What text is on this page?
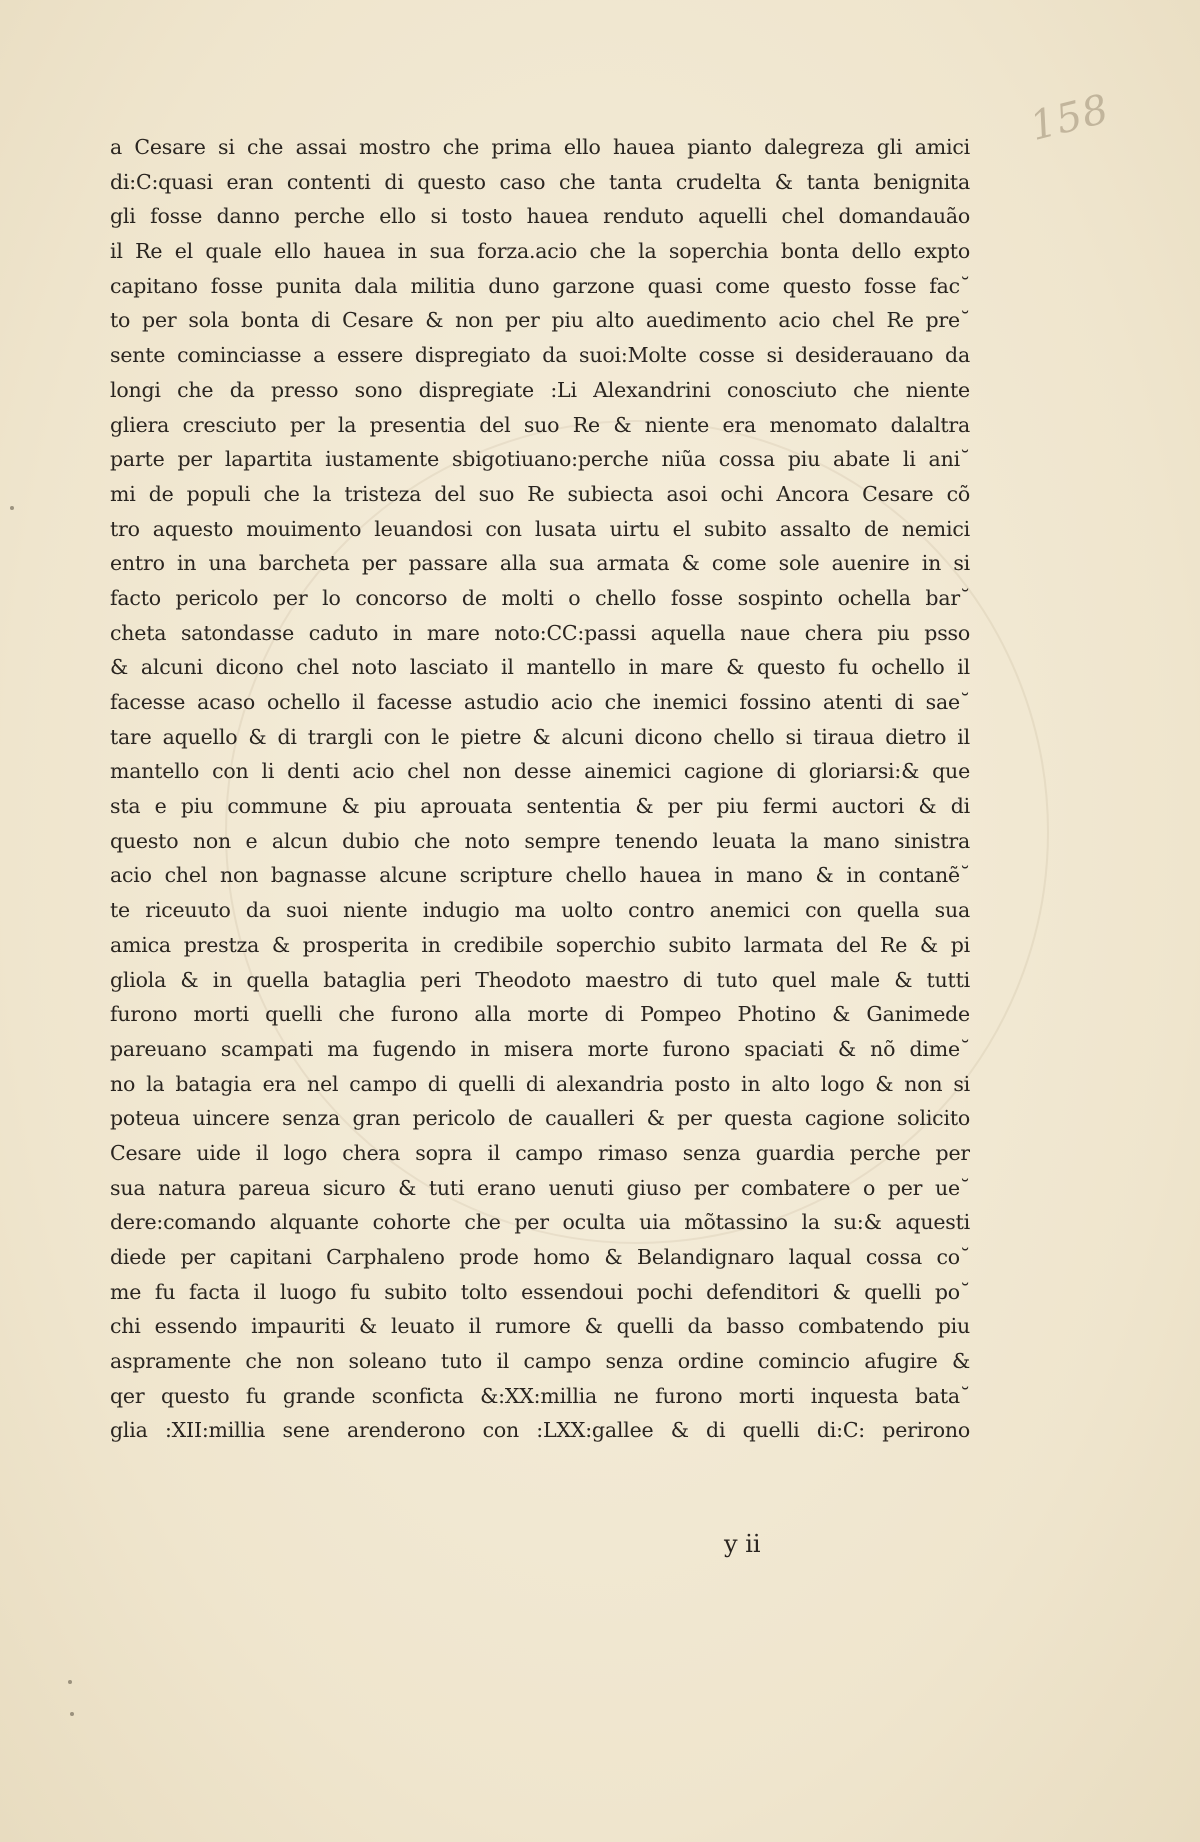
158
a Cesare si che assai mostro che prima ello hauea pianto dalegreza gli amici
di:C:quasi eran contenti di questo caso che tanta crudelta & tanta benignita
gli fosse danno perche ello si tosto hauea renduto aquelli chel domandauão
il Re el quale ello hauea in sua forza.acio che la soperchia bonta dello expto
capitano fosse punita dala militia duno garzone quasi come questo fosse fac˘
to per sola bonta di Cesare & non per piu alto auedimento acio chel Re pre˘
sente cominciasse a essere dispregiato da suoi:Molte cosse si desiderauano da
longi che da presso sono dispregiate :Li Alexandrini conosciuto che niente
gliera cresciuto per la presentia del suo Re & niente era menomato dalaltra
parte per lapartita iustamente sbigotiuano:perche niũa cossa piu abate li ani˘
mi de populi che la tristeza del suo Re subiecta asoi ochi Ancora Cesare cõ
tro aquesto mouimento leuandosi con lusata uirtu el subito assalto de nemici
entro in una barcheta per passare alla sua armata & come sole auenire in si
facto pericolo per lo concorso de molti o chello fosse sospinto ochella bar˘
cheta satondasse caduto in mare noto:CC:passi aquella naue chera piu pssο
& alcuni dicono chel noto lasciato il mantello in mare & questo fu ochello il
facesse acaso ochello il facesse astudio acio che inemici fossino atenti di sae˘
tare aquello & di trargli con le pietre & alcuni dicono chello si tiraua dietro il
mantello con li denti acio chel non desse ainemici cagione di gloriarsi:& que
sta e piu commune & piu aprouata sententia & per piu fermi auctori & di
questo non e alcun dubio che noto sempre tenendo leuata la mano sinistra
acio chel non bagnasse alcune scripture chello hauea in mano & in contanẽ˘
te riceuuto da suoi niente indugio ma uolto contro anemici con quella sua
amica prestza & prosperita in credibile soperchio subito larmata del Re & pi
gliola & in quella bataglia peri Theodoto maestro di tuto quel male & tutti
furono morti quelli che furono alla morte di Pompeo Photino & Ganimede
pareuano scampati ma fugendo in misera morte furono spaciati & nõ dime˘
no la batagia era nel campo di quelli di alexandria posto in alto logo & non si
poteua uincere senza gran pericolo de caualleri & per questa cagione solicito
Cesare uide il logo chera sopra il campo rimaso senza guardia perche per
sua natura pareua sicuro & tuti erano uenuti giuso per combatere o per ue˘
dere:comando alquante cohorte che per oculta uia mõtassino la su:& aquesti
diede per capitani Carphaleno prode homo & Belandignaro laqual cossa co˘
me fu facta il luogo fu subito tolto essendoui pochi defenditori & quelli po˘
chi essendo impauriti & leuato il rumore & quelli da basso combatendo piu
aspramente che non soleano tuto il campo senza ordine comincio afugire &
qer questo fu grande sconficta &:XX:millia ne furono morti inquesta bata˘
glia :XII:millia sene arenderono con :LXX:gallee & di quelli di:C: perirono
y ii
